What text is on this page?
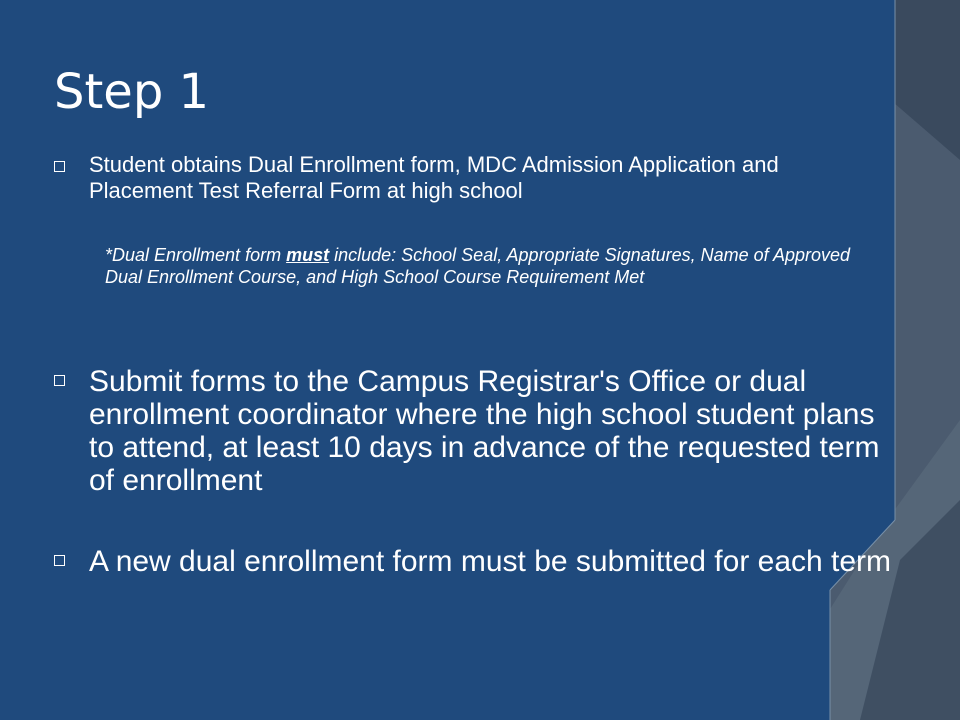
Step 1
Student obtains Dual Enrollment form, MDC Admission Application and Placement Test Referral Form at high school
*Dual Enrollment form must include: School Seal, Appropriate Signatures, Name of Approved Dual Enrollment Course, and High School Course Requirement Met
Submit forms to the Campus Registrar's Office or dual enrollment coordinator where the high school student plans to attend, at least 10 days in advance of the requested term of enrollment
A new dual enrollment form must be submitted for each term
